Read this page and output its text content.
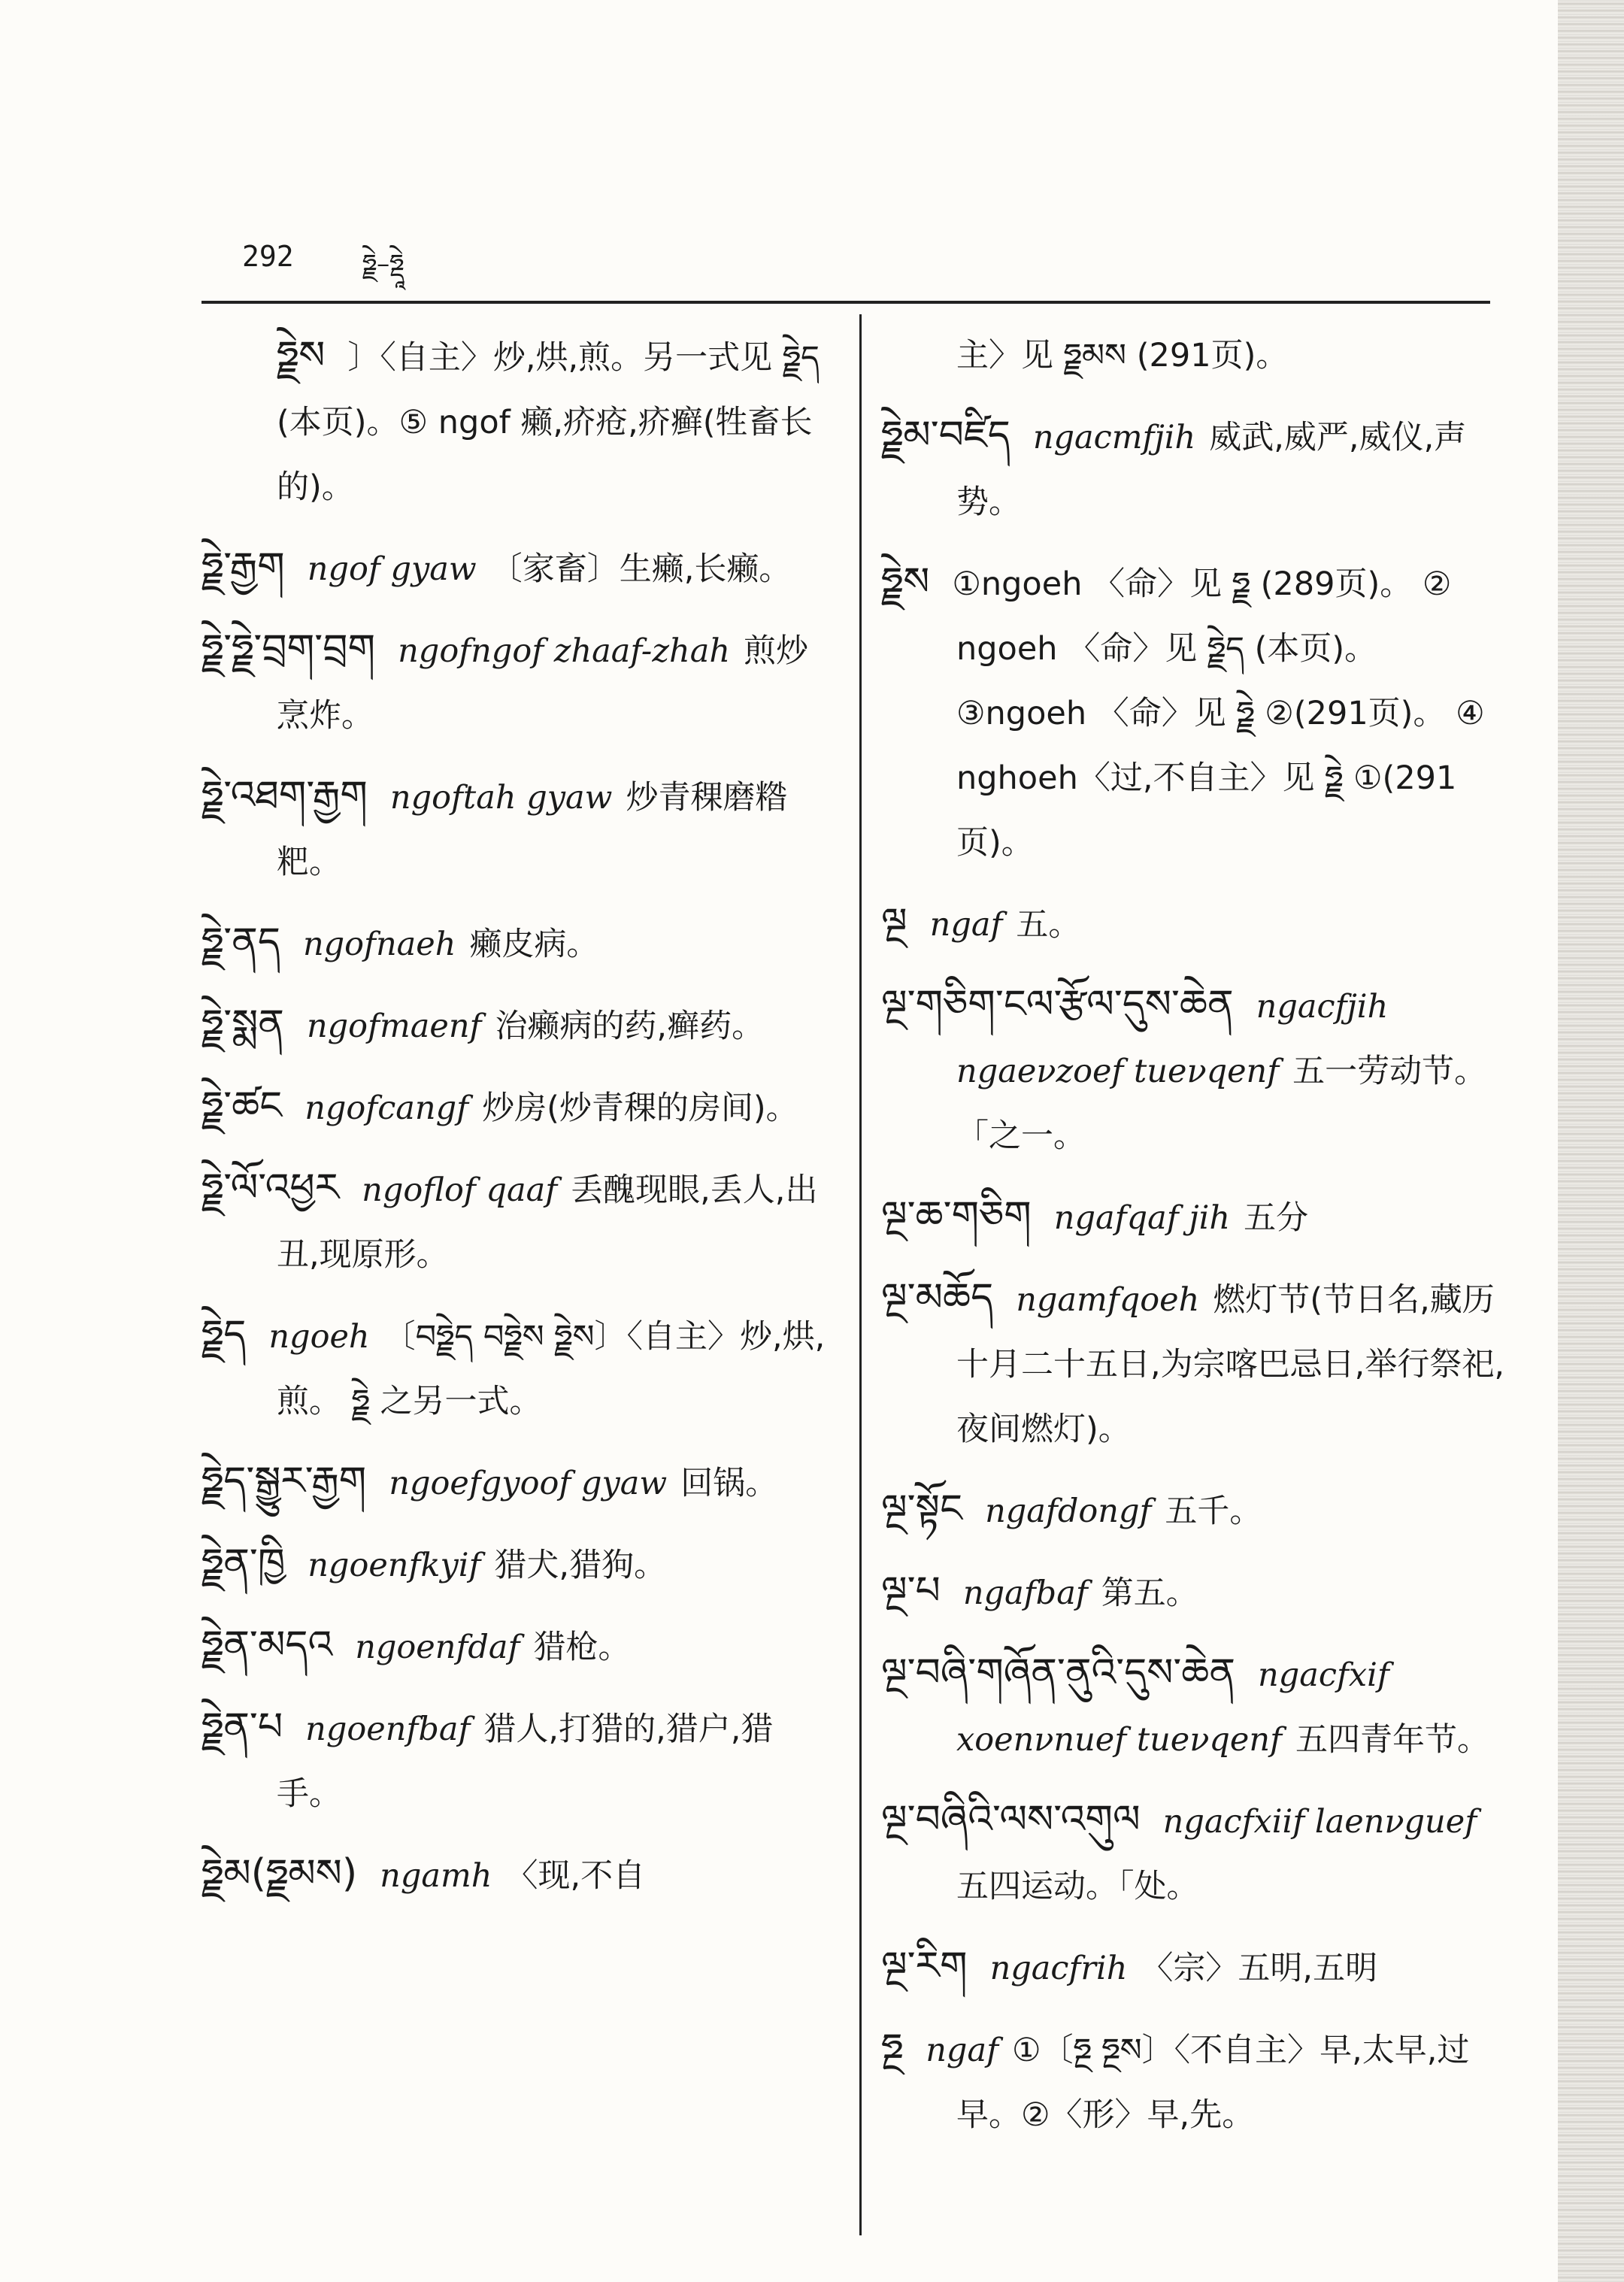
292	ཧྗེ–ཧྡཱེ
ཧྗེས 〕〈自主〉炒,烘,煎。另一式见 ཧྗེད (本页)。⑤ ngof 癞,疥疮,疥癣(牲畜长的)。
ཧྗེ་རྒྱག ngof gyaw 〔家畜〕生癞,长癞。
ཧྗེ་ཧྗེ་བྲག་བྲག ngofngof zhaaf-zhah 煎炒烹炸。
ཧྗེ་འཐག་རྒྱག ngoftah gyaw 炒青稞磨糌粑。
ཧྗེ་ནད ngofnaeh 癞皮病。
ཧྗེ་སྨན ngofmaenf 治癞病的药,癣药。
ཧྗེ་ཚང ngofcangf 炒房(炒青稞的房间)。
ཧྗེ་ལོ་འཕྱར ngoflof qaaf 丢醜现眼,丢人,出丑,现原形。
ཧྗེད ngoeh 〔བཧྗེད བཧྗེས ཧྗེས〕〈自主〉炒,烘,煎。 ཧྗེ 之另一式。
ཧྗེད་སྒྱུར་རྒྱག ngoefgyoof gyaw 回锅。
ཧྗེན་ཁྱི ngoenfkyif 猎犬,猎狗。
ཧྗེན་མདའ ngoenfdaf 猎枪。
ཧྗེན་པ ngoenfbaf 猎人,打猎的,猎户,猎手。
ཧྗེམ(ཧྗམས) ngamh 〈现,不自
主〉见 ཧྗམས (291页)。
ཧྗེམ་བཛིད ngacmfjih 威武,威严,威仪,声势。
ཧྗེས ①ngoeh 〈命〉见 ཧྗ (289页)。 ② ngoeh 〈命〉见 ཧྗེད (本页)。 ③ngoeh 〈命〉见 ཧྗེ ②(291页)。 ④ nghoeh〈过,不自主〉见 ཧྗེ ①(291页)。
ལྔ ngaf 五。
ལྔ་གཅིག་ངལ་རྩོལ་དུས་ཆེན ngacfjih ngaeνzoef tueνqenf 五一劳动节。「之一。
ལྔ་ཆ་གཅིག ngafqaf jih 五分
ལྔ་མཆོད ngamfqoeh 燃灯节(节日名,藏历十月二十五日,为宗喀巴忌日,举行祭祀,夜间燃灯)。
ལྔ་སྟོང ngafdongf 五千。
ལྔ་པ ngafbaf 第五。
ལྔ་བཞི་གཞོན་ནུའི་དུས་ཆེན ngacfxif xoenνnuef tueνqenf 五四青年节。
ལྔ་བཞིའི་ལས་འགུལ ngacfxiif laenνguef五四运动。「处。
ལྔ་རིག ngacfrih 〈宗〉五明,五明
ཧྔ ngaf ①〔ཧྔ ཧྔས〕〈不自主〉早,太早,过早。②〈形〉早,先。
